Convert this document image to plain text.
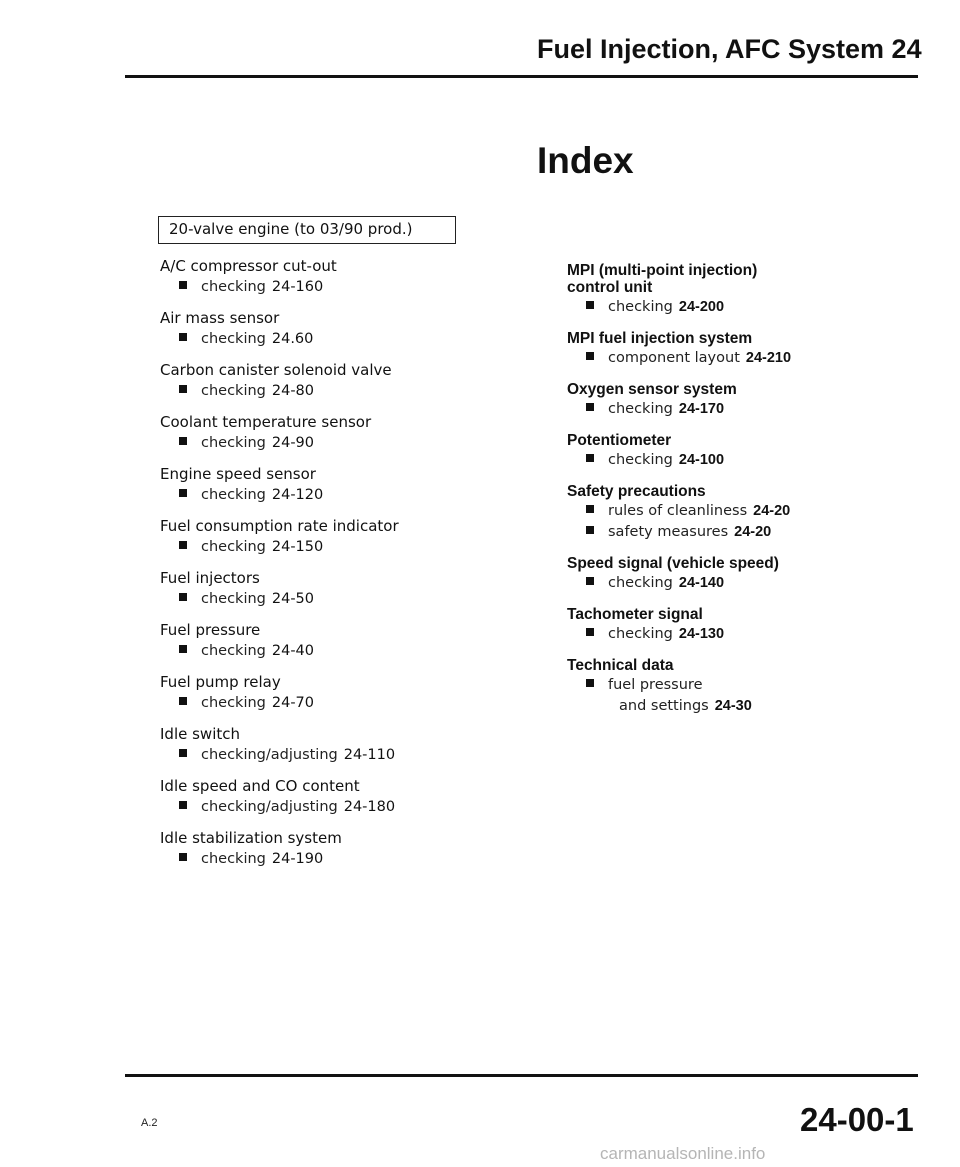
Fuel Injection, AFC System 24
Index
20-valve engine (to 03/90 prod.)
A/C compressor cut-out
checking 24-160
Air mass sensor
checking 24.60
Carbon canister solenoid valve
checking 24-80
Coolant temperature sensor
checking 24-90
Engine speed sensor
checking 24-120
Fuel consumption rate indicator
checking 24-150
Fuel injectors
checking 24-50
Fuel pressure
checking 24-40
Fuel pump relay
checking 24-70
Idle switch
checking/adjusting 24-110
Idle speed and CO content
checking/adjusting 24-180
Idle stabilization system
checking 24-190
MPI (multi-point injection)
control unit
checking 24-200
MPI fuel injection system
component layout 24-210
Oxygen sensor system
checking 24-170
Potentiometer
checking 24-100
Safety precautions
rules of cleanliness 24-20
safety measures 24-20
Speed signal (vehicle speed)
checking 24-140
Tachometer signal
checking 24-130
Technical data
fuel pressure
and settings 24-30
A.2	24-00-1
carmanualsonline.info
